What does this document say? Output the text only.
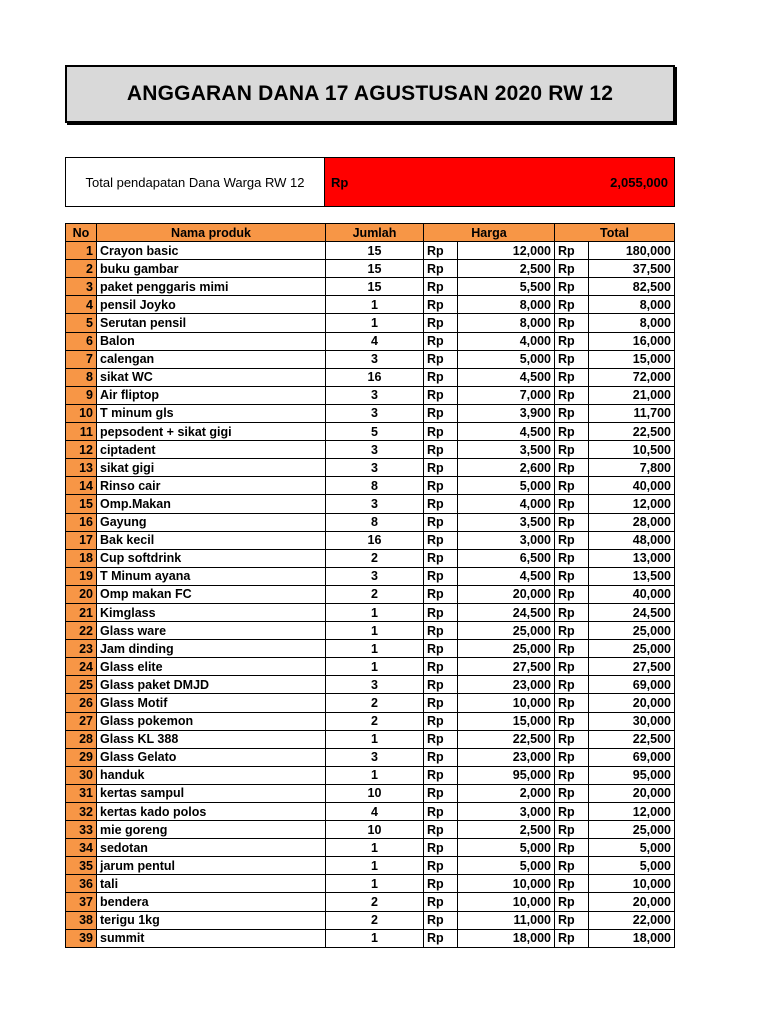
ANGGARAN DANA 17 AGUSTUSAN 2020 RW 12
Total pendapatan Dana Warga RW 12	Rp	2,055,000
No	Nama produk	Jumlah	Harga		Total	
1	Crayon basic	15	Rp	12,000	Rp	180,000
2	buku gambar	15	Rp	2,500	Rp	37,500
3	paket penggaris mimi	15	Rp	5,500	Rp	82,500
4	pensil Joyko	1	Rp	8,000	Rp	8,000
5	Serutan pensil	1	Rp	8,000	Rp	8,000
6	Balon	4	Rp	4,000	Rp	16,000
7	calengan	3	Rp	5,000	Rp	15,000
8	sikat WC	16	Rp	4,500	Rp	72,000
9	Air fliptop	3	Rp	7,000	Rp	21,000
10	T minum gls	3	Rp	3,900	Rp	11,700
11	pepsodent + sikat gigi	5	Rp	4,500	Rp	22,500
12	ciptadent	3	Rp	3,500	Rp	10,500
13	sikat gigi	3	Rp	2,600	Rp	7,800
14	Rinso cair	8	Rp	5,000	Rp	40,000
15	Omp.Makan	3	Rp	4,000	Rp	12,000
16	Gayung	8	Rp	3,500	Rp	28,000
17	Bak kecil	16	Rp	3,000	Rp	48,000
18	Cup softdrink	2	Rp	6,500	Rp	13,000
19	T Minum ayana	3	Rp	4,500	Rp	13,500
20	Omp makan FC	2	Rp	20,000	Rp	40,000
21	Kimglass	1	Rp	24,500	Rp	24,500
22	Glass ware	1	Rp	25,000	Rp	25,000
23	Jam dinding	1	Rp	25,000	Rp	25,000
24	Glass elite	1	Rp	27,500	Rp	27,500
25	Glass paket DMJD	3	Rp	23,000	Rp	69,000
26	Glass Motif	2	Rp	10,000	Rp	20,000
27	Glass pokemon	2	Rp	15,000	Rp	30,000
28	Glass KL 388	1	Rp	22,500	Rp	22,500
29	Glass Gelato	3	Rp	23,000	Rp	69,000
30	handuk	1	Rp	95,000	Rp	95,000
31	kertas sampul	10	Rp	2,000	Rp	20,000
32	kertas kado polos	4	Rp	3,000	Rp	12,000
33	mie goreng	10	Rp	2,500	Rp	25,000
34	sedotan	1	Rp	5,000	Rp	5,000
35	jarum pentul	1	Rp	5,000	Rp	5,000
36	tali	1	Rp	10,000	Rp	10,000
37	bendera	2	Rp	10,000	Rp	20,000
38	terigu 1kg	2	Rp	11,000	Rp	22,000
39	summit	1	Rp	18,000	Rp	18,000
